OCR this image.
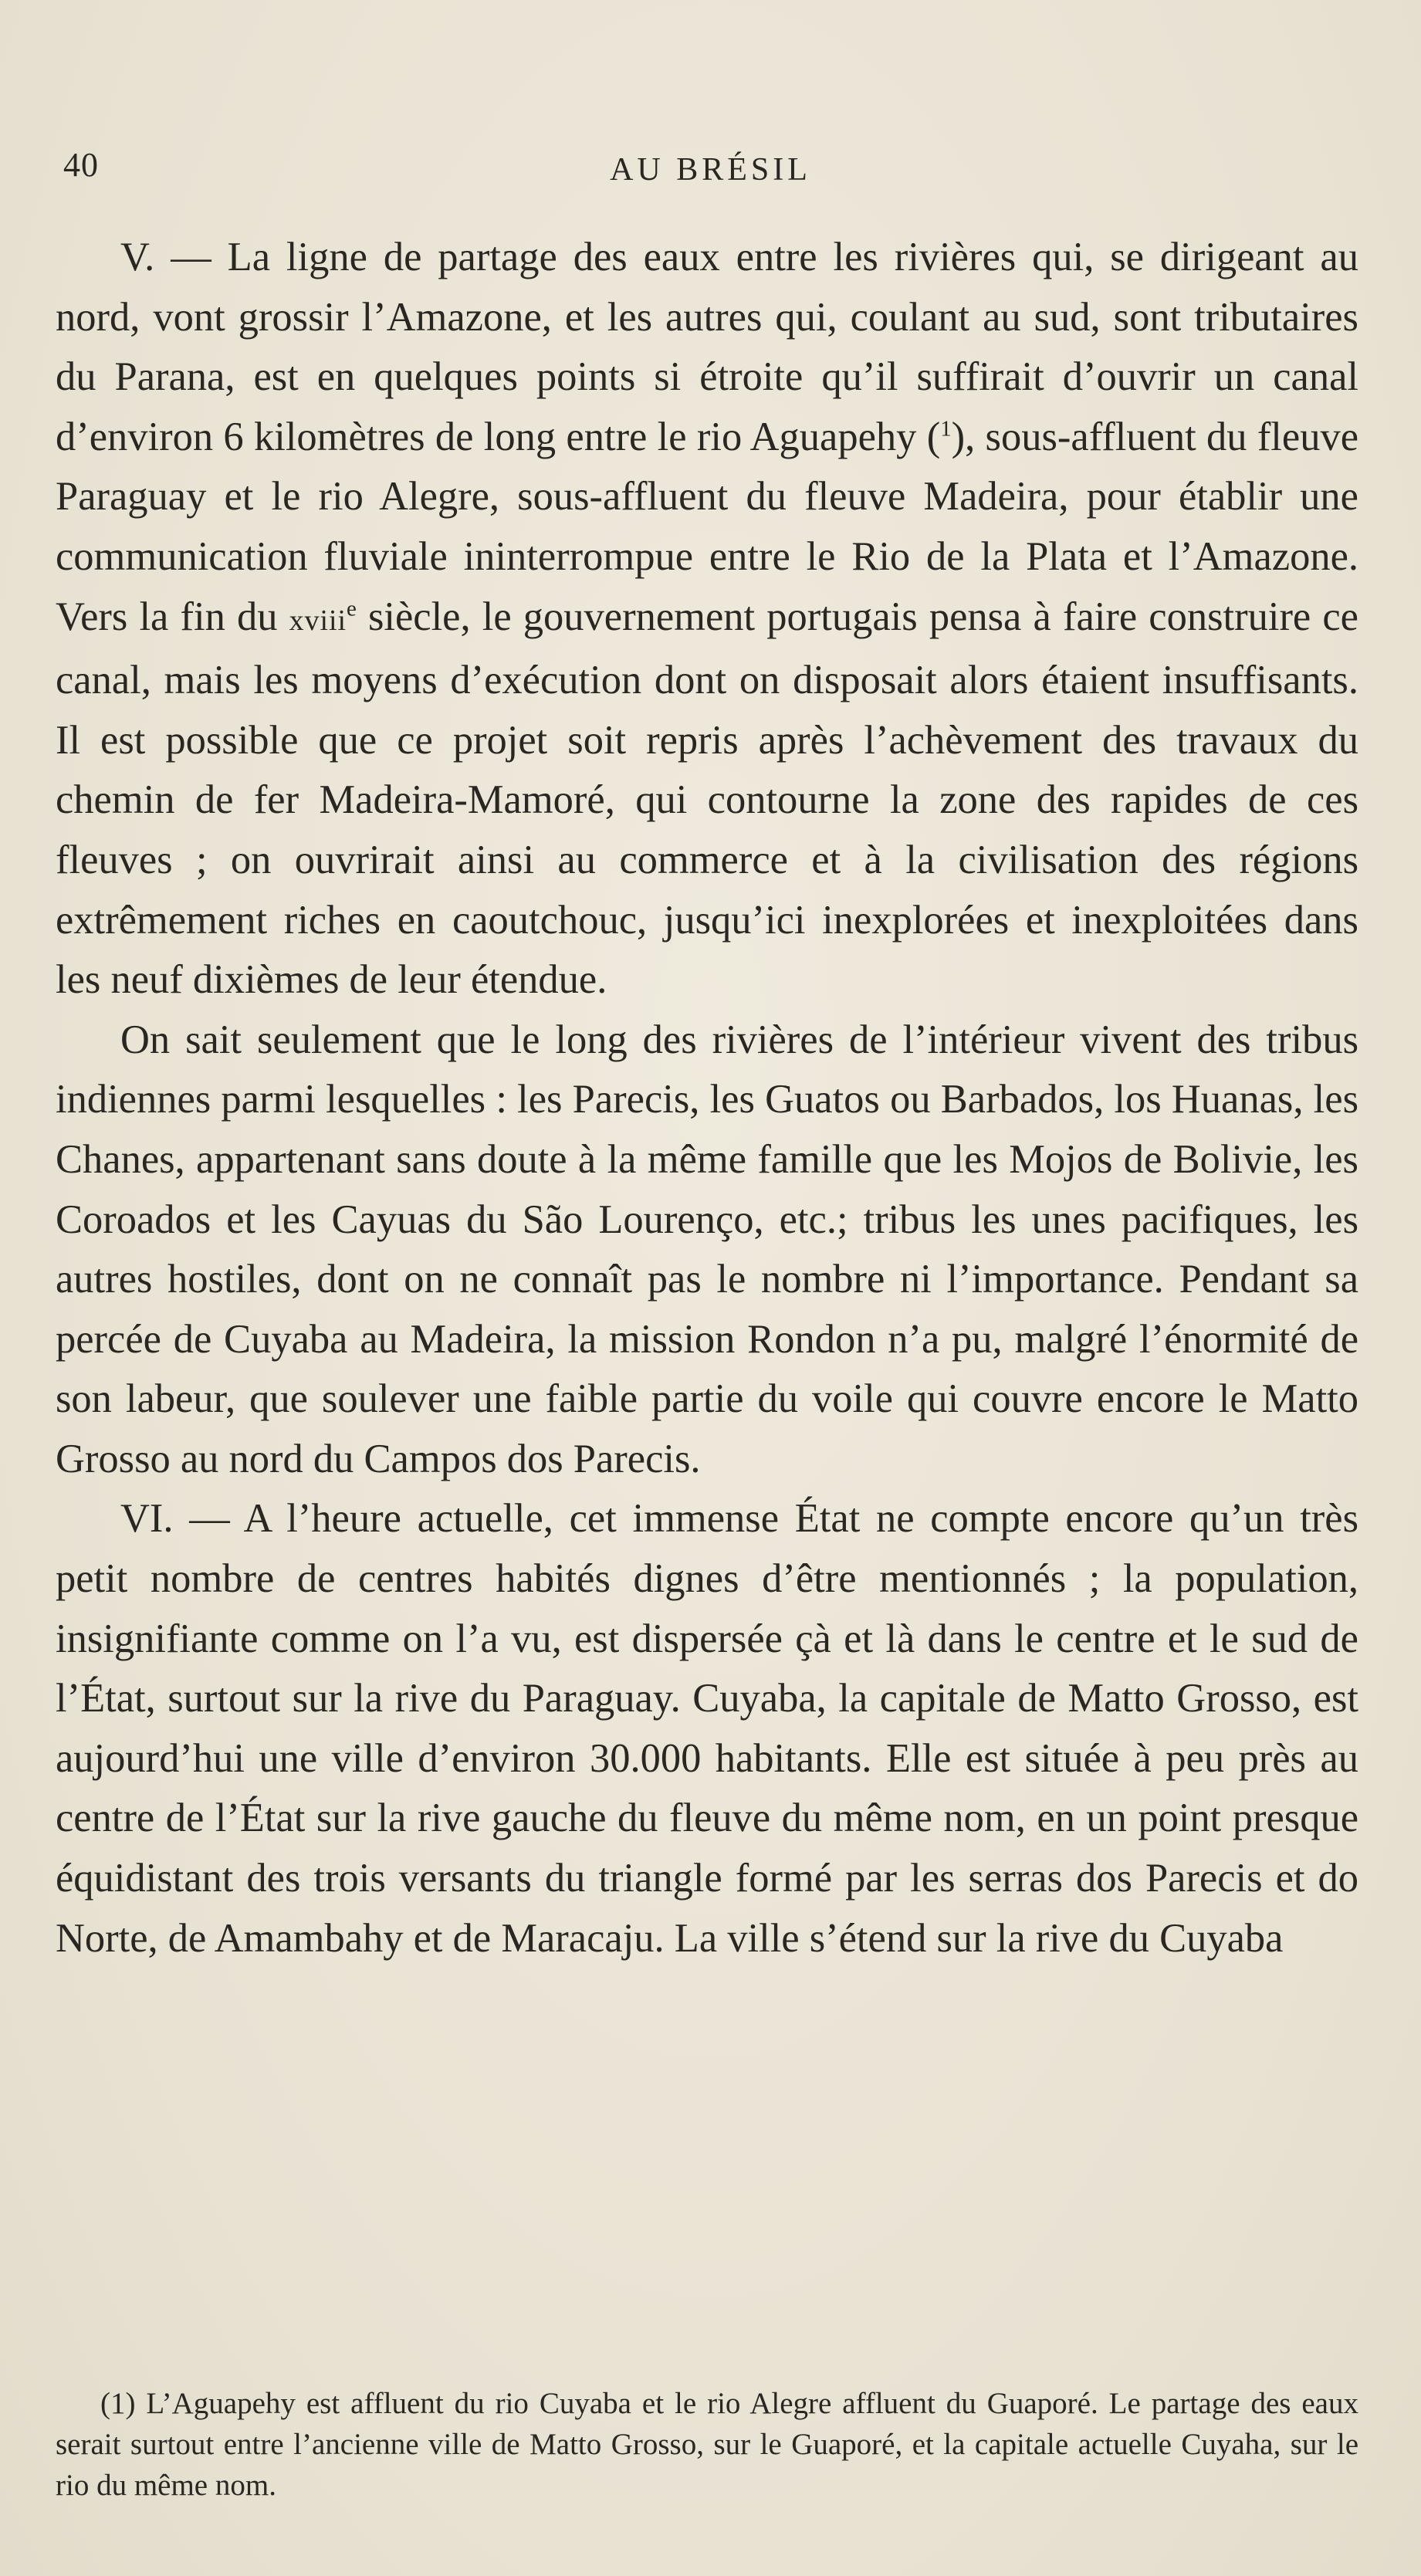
40	AU BRÉSIL

V. — La ligne de partage des eaux entre les rivières qui, se dirigeant au nord, vont grossir l’Amazone, et les autres qui, coulant au sud, sont tributaires du Parana, est en quelques points si étroite qu’il suffirait d’ouvrir un canal d’environ 6 kilomètres de long entre le rio Aguapehy ($^1$), sous-affluent du fleuve Paraguay et le rio Alegre, sous-affluent du fleuve Madeira, pour établir une communication fluviale ininterrompue entre le Rio de la Plata et l’Amazone. Vers la fin du xviii$^e$ siècle, le gouvernement portugais pensa à faire construire ce canal, mais les moyens d’exécution dont on disposait alors étaient insuffisants. Il est possible que ce projet soit repris après l’achèvement des travaux du chemin de fer Madeira-Mamoré, qui contourne la zone des rapides de ces fleuves ; on ouvrirait ainsi au commerce et à la civilisation des régions extrêmement riches en caoutchouc, jusqu’ici inexplorées et inexploitées dans les neuf dixièmes de leur étendue.

On sait seulement que le long des rivières de l’intérieur vivent des tribus indiennes parmi lesquelles : les Parecis, les Guatos ou Barbados, los Huanas, les Chanes, appartenant sans doute à la même famille que les Mojos de Bolivie, les Coroados et les Cayuas du São Lourenço, etc.; tribus les unes pacifiques, les autres hostiles, dont on ne connaît pas le nombre ni l’importance. Pendant sa percée de Cuyaba au Madeira, la mission Rondon n’a pu, malgré l’énormité de son labeur, que soulever une faible partie du voile qui couvre encore le Matto Grosso au nord du Campos dos Parecis.

VI. — A l’heure actuelle, cet immense État ne compte encore qu’un très petit nombre de centres habités dignes d’être mentionnés ; la population, insignifiante comme on l’a vu, est dispersée çà et là dans le centre et le sud de l’État, surtout sur la rive du Paraguay. Cuyaba, la capitale de Matto Grosso, est aujourd’hui une ville d’environ 30.000 habitants. Elle est située à peu près au centre de l’État sur la rive gauche du fleuve du même nom, en un point presque équidistant des trois versants du triangle formé par les serras dos Parecis et do Norte, de Amambahy et de Maracaju. La ville s’étend sur la rive du Cuyaba

(1) L’Aguapehy est affluent du rio Cuyaba et le rio Alegre affluent du Guaporé. Le partage des eaux serait surtout entre l’ancienne ville de Matto Grosso, sur le Guaporé, et la capitale actuelle Cuyaha, sur le rio du même nom.
